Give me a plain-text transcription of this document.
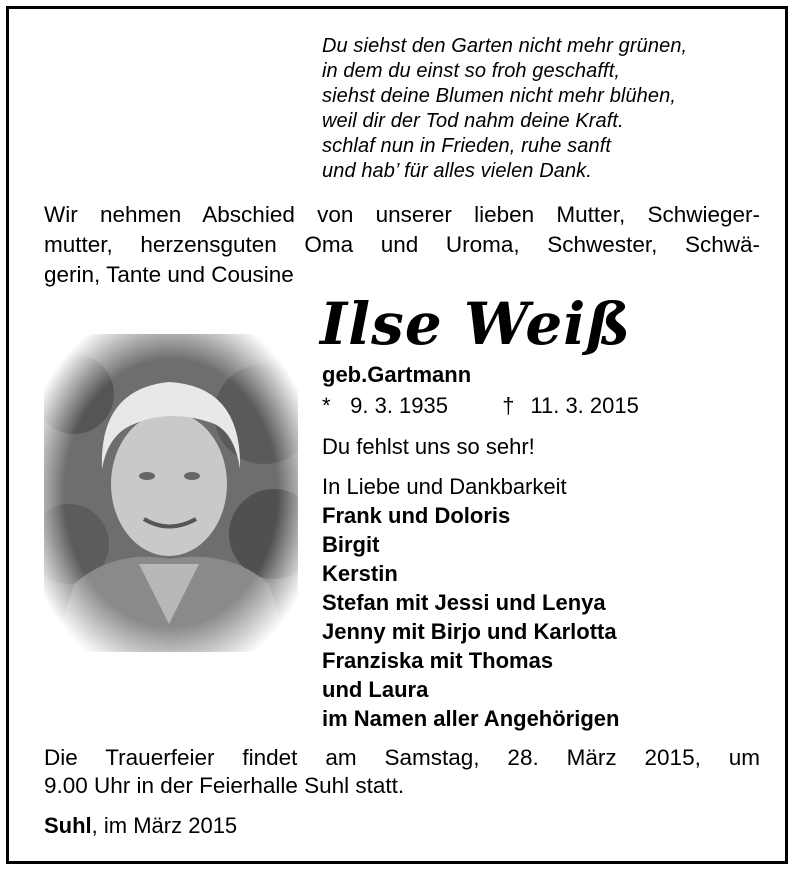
Du siehst den Garten nicht mehr grünen,
in dem du einst so froh geschafft,
siehst deine Blumen nicht mehr blühen,
weil dir der Tod nahm deine Kraft.
schlaf nun in Frieden, ruhe sanft
und hab’ für alles vielen Dank.
Wir nehmen Abschied von unserer lieben Mutter, Schwieger-
mutter, herzensguten Oma und Uroma, Schwester, Schwä-
gerin, Tante und Cousine
Ilse Weiß
geb.Gartmann
* 9. 3. 1935 † 11. 3. 2015
Du fehlst uns so sehr!
In Liebe und Dankbarkeit
Frank und Doloris
Birgit
Kerstin
Stefan mit Jessi und Lenya
Jenny mit Birjo und Karlotta
Franziska mit Thomas
und Laura
im Namen aller Angehörigen
Die Trauerfeier findet am Samstag, 28. März 2015, um
9.00 Uhr in der Feierhalle Suhl statt.
Suhl, im März 2015
